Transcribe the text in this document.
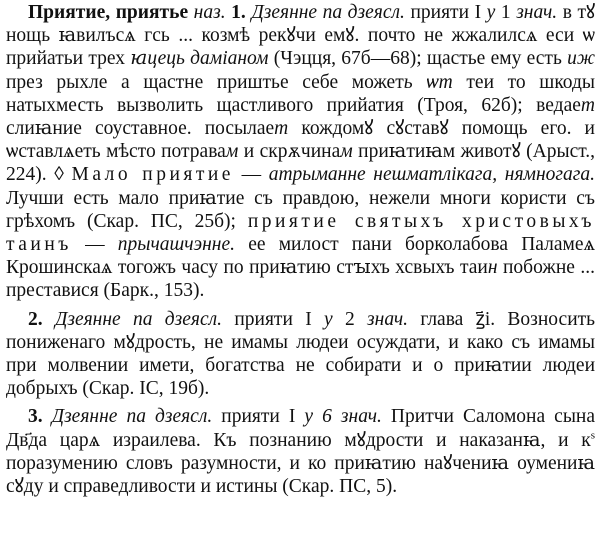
Приятие, приятье наз. 1. Дзеянне па дзеясл. прияти I у 1 знач. в тꙋ нощь ꙗвилъсѧ гсь ... козмѣ рекꙋчи емꙋ. почто не жжалилсѧ еси ѡ прийатьи трех ꙗцець дамiаном (Чэцця, 67б—68); щастье ему есть иж през рыхле а щастне приштье себе можеть ѡт теи то шкоды натыхместь вызволить щастливого прийатия (Троя, 62б); ведает слиꙗние соуставное. посылает кождомꙋ сꙋставꙋ помощь его. и ѡставлѧеть мѣсто потравам и скрѫчинам приꙗтиꙗм животꙋ (Арыст., 224). ◊ Мало приятие — атрыманне нешматлікага, нямногага. Лучши есть мало приꙗтие съ правдою, нежели многи користи съ грѣхомъ (Скар. ПС, 25б); приятие святыхъ христовыхъ таинъ — прычашчэнне. ее милост пани борколабова Паламеѧ Крошинскаѧ тогожъ часу по приꙗтию стꙑхъ хсвыхъ таин побожне ... преставися (Барк., 153).

2. Дзеянне па дзеясл. прияти I у 2 знач. глава ꙁ҃i. Возносить пониженаго мꙋдрость, не имамы людеи осуждати, и како съ имамы при молвении имети, богатства не собирати и о приꙗтии людеи добрыхъ (Скар. IС, 19б).

3. Дзеянне па дзеясл. прияти I у 6 знач. Притчи Саломона сына Дв҃да царѧ израилева. Къ познанию мꙋдрости и наказанꙗ, и $к^s$ поразумению словъ разумности, и ко приꙗтию наꙋчениꙗ оумениꙗ сꙋду и справедливости и истины (Скар. ПС, 5).
